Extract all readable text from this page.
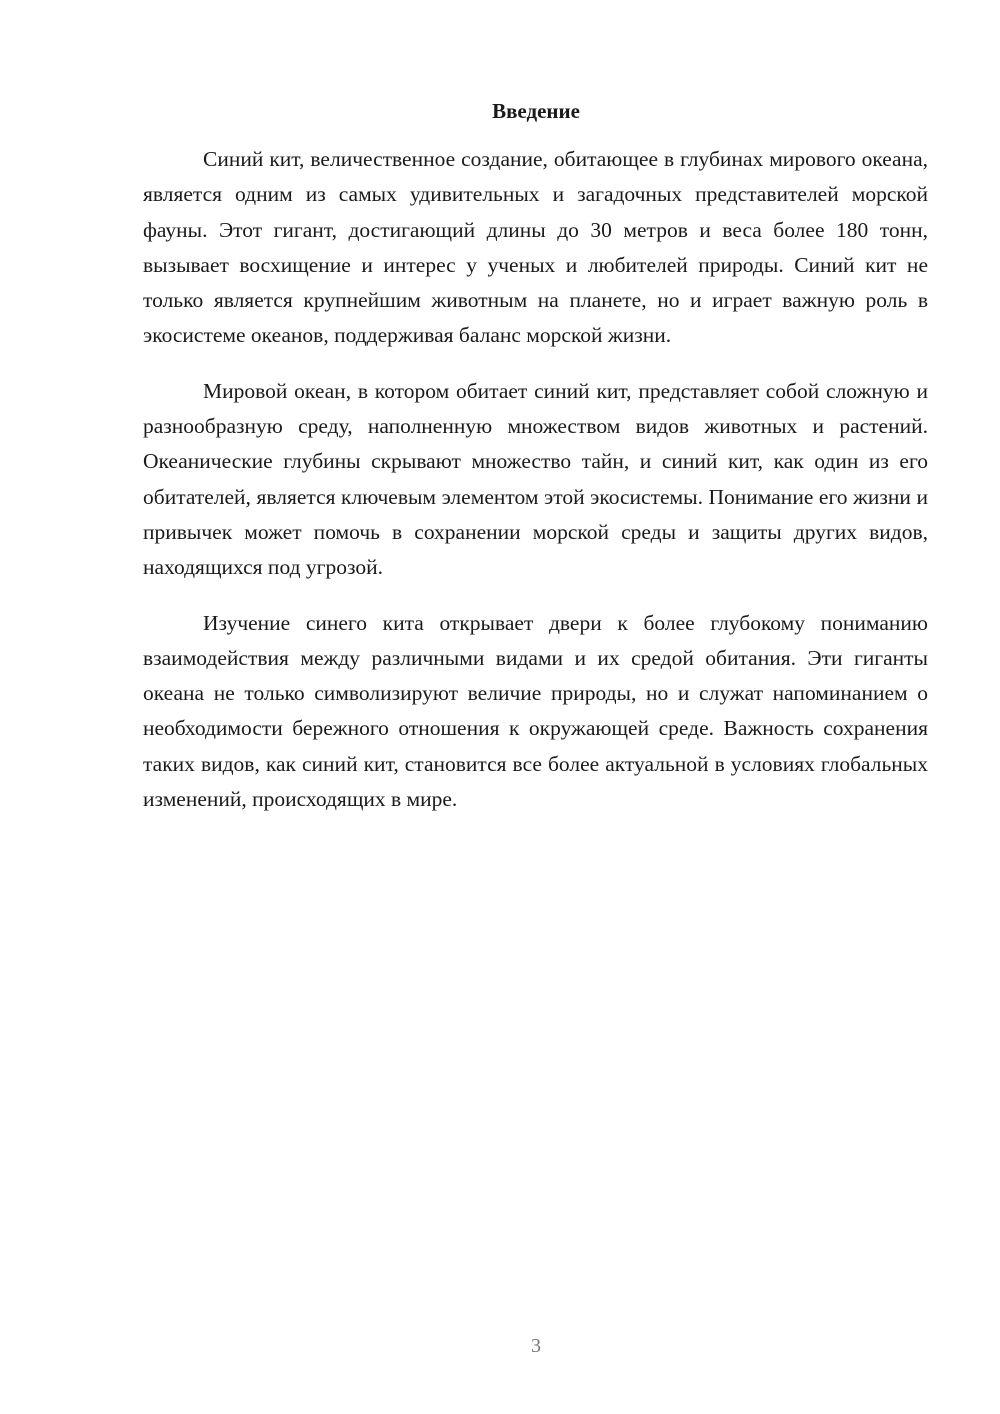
Введение

Синий кит, величественное создание, обитающее в глубинах мирового океана, является одним из самых удивительных и загадочных представителей морской фауны. Этот гигант, достигающий длины до 30 метров и веса более 180 тонн, вызывает восхищение и интерес у ученых и любителей природы. Синий кит не только является крупнейшим животным на планете, но и играет важную роль в экосистеме океанов, поддерживая баланс морской жизни.

Мировой океан, в котором обитает синий кит, представляет собой сложную и разнообразную среду, наполненную множеством видов животных и растений. Океанические глубины скрывают множество тайн, и синий кит, как один из его обитателей, является ключевым элементом этой экосистемы. Понимание его жизни и привычек может помочь в сохранении морской среды и защиты других видов, находящихся под угрозой.

Изучение синего кита открывает двери к более глубокому пониманию взаимодействия между различными видами и их средой обитания. Эти гиганты океана не только символизируют величие природы, но и служат напоминанием о необходимости бережного отношения к окружающей среде. Важность сохранения таких видов, как синий кит, становится все более актуальной в условиях глобальных изменений, происходящих в мире.

3
